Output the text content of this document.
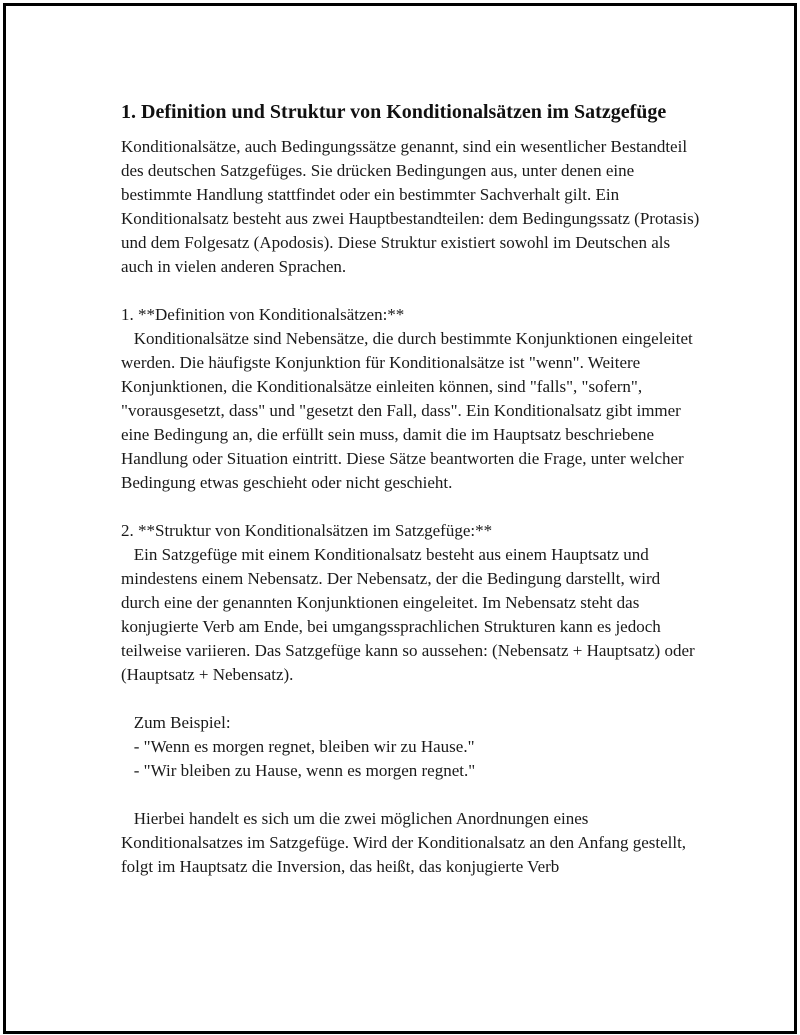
1. Definition und Struktur von Konditionalsätzen im Satzgefüge

Konditionalsätze, auch Bedingungssätze genannt, sind ein wesentlicher Bestandteil des deutschen Satzgefüges. Sie drücken Bedingungen aus, unter denen eine bestimmte Handlung stattfindet oder ein bestimmter Sachverhalt gilt. Ein Konditionalsatz besteht aus zwei Hauptbestandteilen: dem Bedingungssatz (Protasis) und dem Folgesatz (Apodosis). Diese Struktur existiert sowohl im Deutschen als auch in vielen anderen Sprachen.

1. **Definition von Konditionalsätzen:**

Konditionalsätze sind Nebensätze, die durch bestimmte Konjunktionen eingeleitet werden. Die häufigste Konjunktion für Konditionalsätze ist "wenn". Weitere Konjunktionen, die Konditionalsätze einleiten können, sind "falls", "sofern", "vorausgesetzt, dass" und "gesetzt den Fall, dass". Ein Konditionalsatz gibt immer eine Bedingung an, die erfüllt sein muss, damit die im Hauptsatz beschriebene Handlung oder Situation eintritt. Diese Sätze beantworten die Frage, unter welcher Bedingung etwas geschieht oder nicht geschieht.

2. **Struktur von Konditionalsätzen im Satzgefüge:**

Ein Satzgefüge mit einem Konditionalsatz besteht aus einem Hauptsatz und mindestens einem Nebensatz. Der Nebensatz, der die Bedingung darstellt, wird durch eine der genannten Konjunktionen eingeleitet. Im Nebensatz steht das konjugierte Verb am Ende, bei umgangssprachlichen Strukturen kann es jedoch teilweise variieren. Das Satzgefüge kann so aussehen: (Nebensatz + Hauptsatz) oder (Hauptsatz + Nebensatz).

Zum Beispiel:

- "Wenn es morgen regnet, bleiben wir zu Hause."

- "Wir bleiben zu Hause, wenn es morgen regnet."

Hierbei handelt es sich um die zwei möglichen Anordnungen eines Konditionalsatzes im Satzgefüge. Wird der Konditionalsatz an den Anfang gestellt, folgt im Hauptsatz die Inversion, das heißt, das konjugierte Verb
